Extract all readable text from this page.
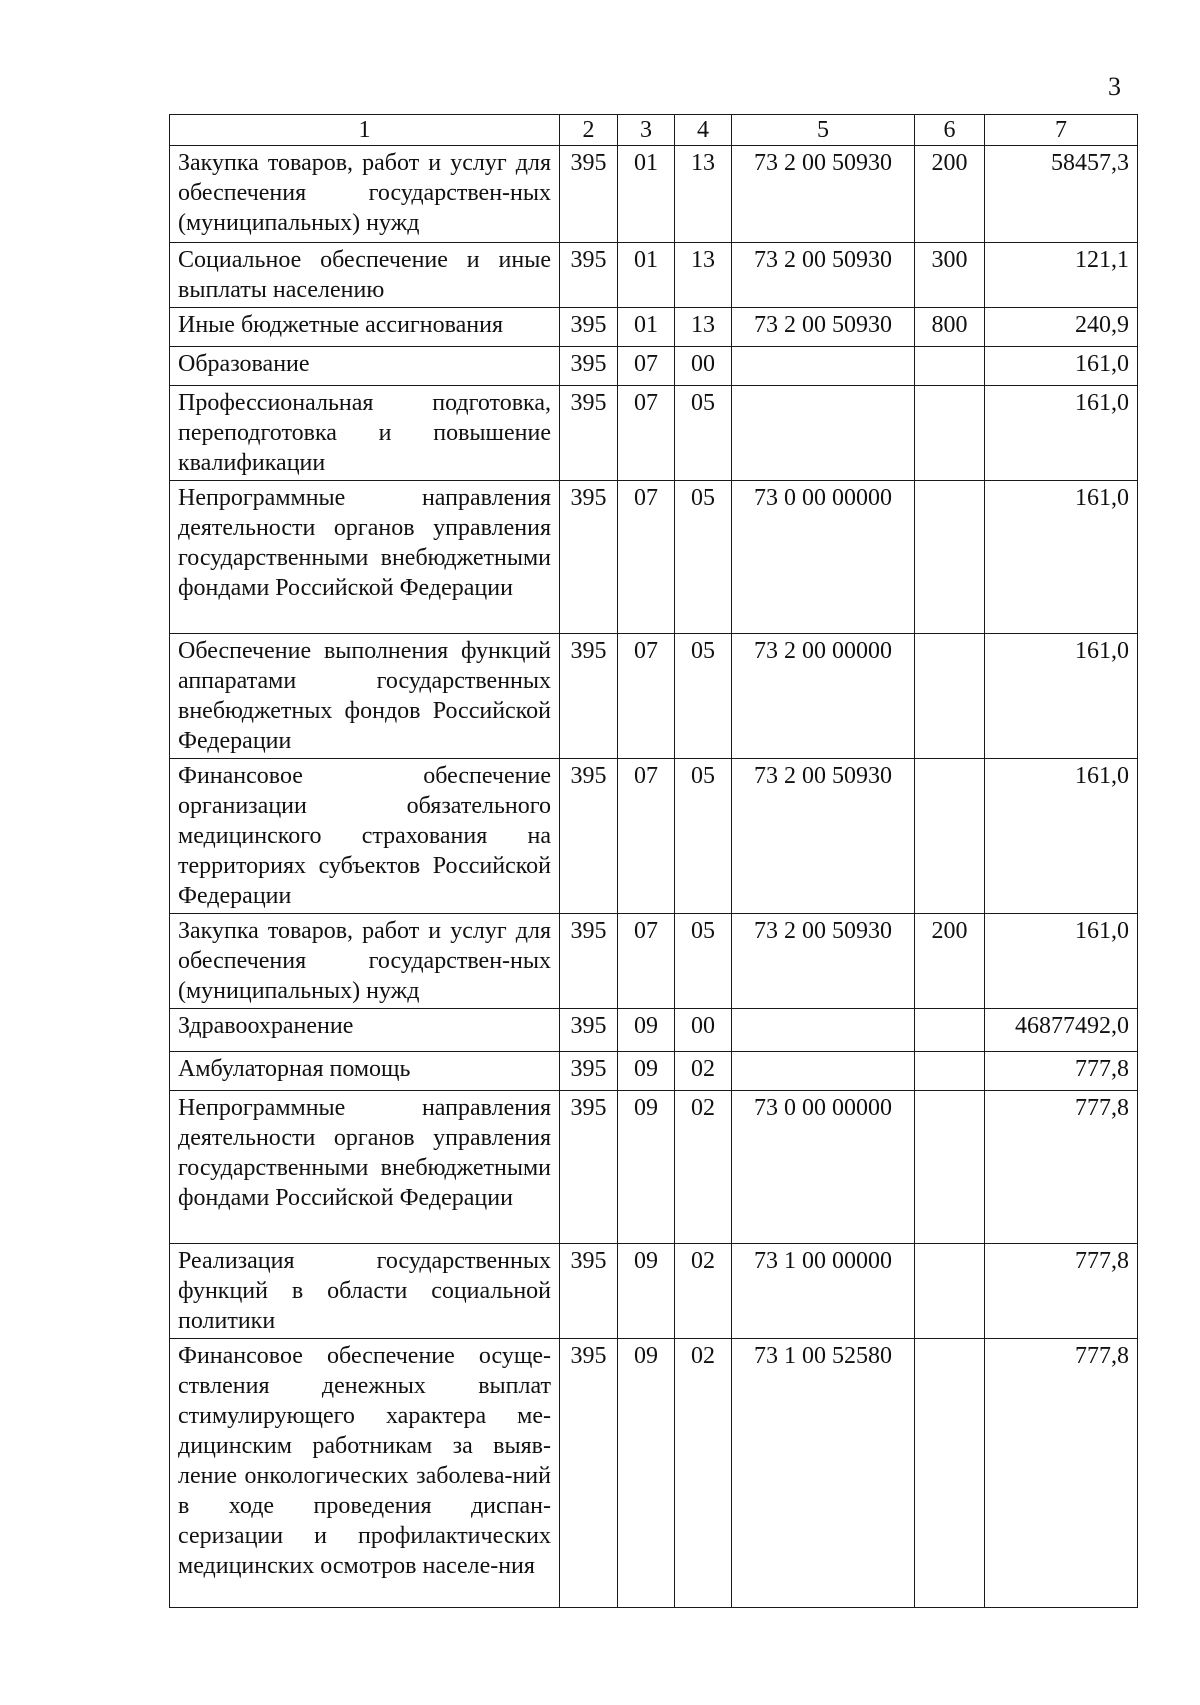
3
1	2	3	4	5	6	7
Закупка товаров, работ и услуг для обеспечения государствен-ных (муниципальных) нужд	395	01	13	73 2 00 50930	200	58457,3
Социальное обеспечение и иные выплаты населению	395	01	13	73 2 00 50930	300	121,1
Иные бюджетные ассигнования	395	01	13	73 2 00 50930	800	240,9
Образование	395	07	00			161,0
Профессиональная подготовка, переподготовка и повышение квалификации	395	07	05			161,0
Непрограммные направления деятельности органов управления государственными внебюджетными фондами Российской Федерации	395	07	05	73 0 00 00000		161,0
Обеспечение выполнения функций аппаратами государственных внебюджетных фондов Российской Федерации	395	07	05	73 2 00 00000		161,0
Финансовое обеспечение организации обязательного медицинского страхования на территориях субъектов Российской Федерации	395	07	05	73 2 00 50930		161,0
Закупка товаров, работ и услуг для обеспечения государствен-ных (муниципальных) нужд	395	07	05	73 2 00 50930	200	161,0
Здравоохранение	395	09	00			46877492,0
Амбулаторная помощь	395	09	02			777,8
Непрограммные направления деятельности органов управления государственными внебюджетными фондами Российской Федерации	395	09	02	73 0 00 00000		777,8
Реализация государственных функций в области социальной политики	395	09	02	73 1 00 00000		777,8
Финансовое обеспечение осуще-ствления денежных выплат стимулирующего характера ме-дицинским работникам за выяв-ление онкологических заболева-ний в ходе проведения диспан-серизации и профилактических медицинских осмотров населе-ния	395	09	02	73 1 00 52580		777,8
